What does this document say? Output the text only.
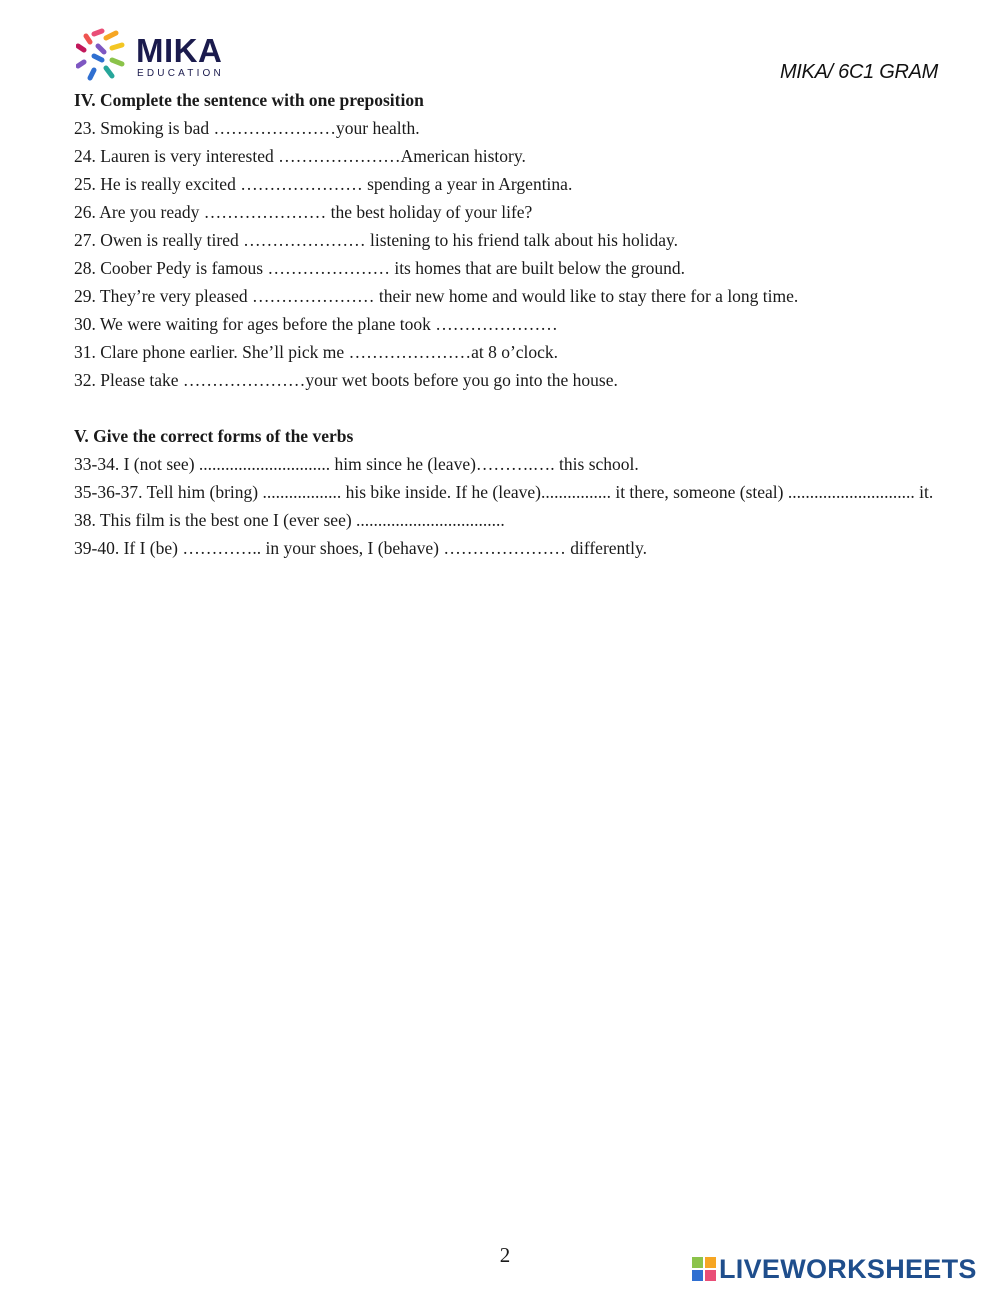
MIKA
EDUCATION	MIKA/ 6C1 GRAM

IV. Complete the sentence with one preposition

23. Smoking is bad …………………your health.

24. Lauren is very interested …………………American history.

25. He is really excited ………………… spending a year in Argentina.

26. Are you ready ………………… the best holiday of your life?

27. Owen is really tired ………………… listening to his friend talk about his holiday.

28. Coober Pedy is famous ………………… its homes that are built below the ground.

29. They’re very pleased ………………… their new home and would like to stay there for a long time.

30. We were waiting for ages before the plane took …………………

31. Clare phone earlier. She’ll pick me …………………at 8 o’clock.

32. Please take …………………your wet boots before you go into the house.

V. Give the correct forms of the verbs

33-34. I (not see) .............................. him since he (leave)……….…. this school.

35-36-37. Tell him (bring) .................. his bike inside. If he (leave)................ it there, someone (steal) ............................. it.

38. This film is the best one I (ever see) ..................................

39-40. If I (be) ………….. in your shoes, I (behave) ………………… differently.

2	LIVEWORKSHEETS
